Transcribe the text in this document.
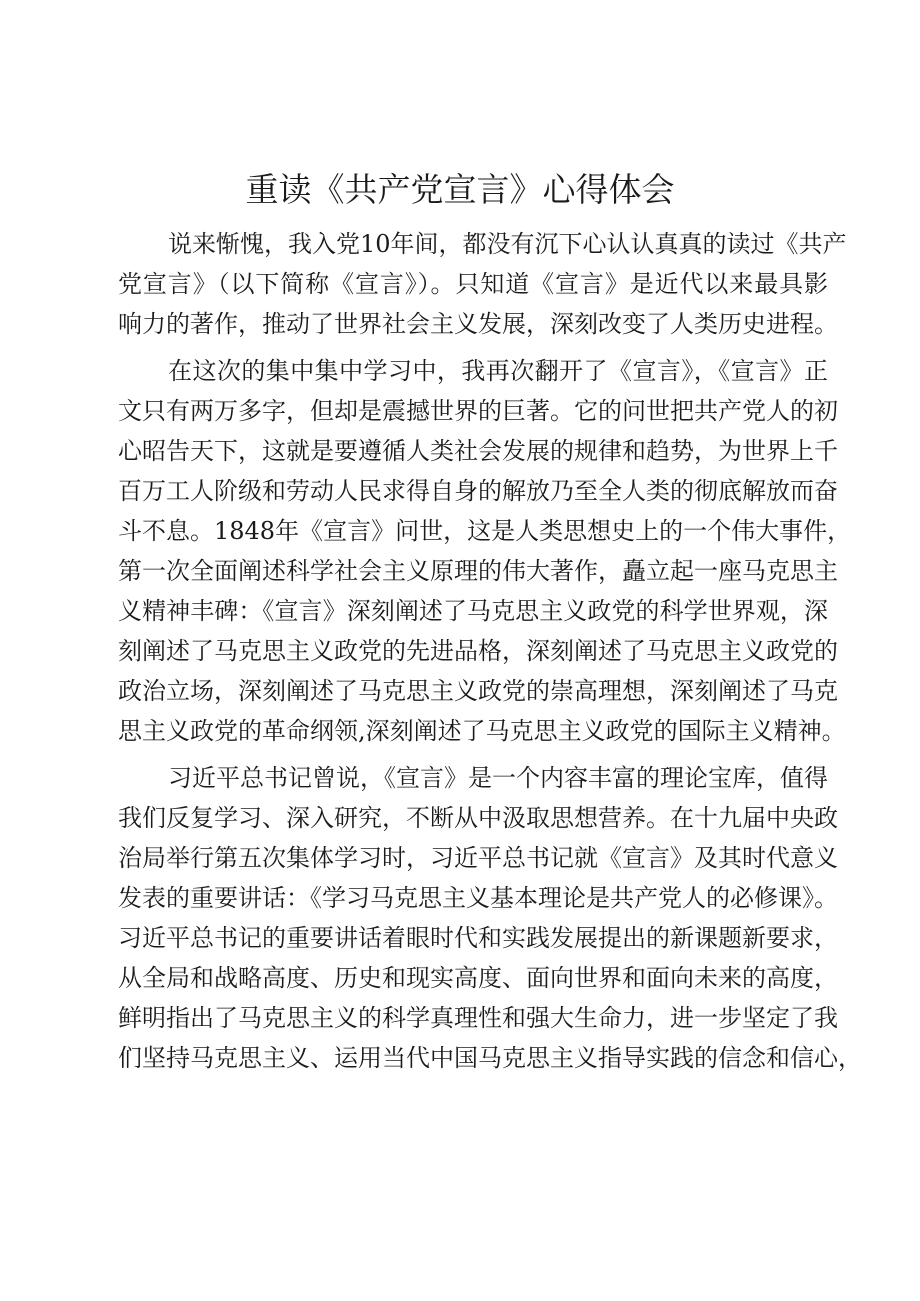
重读《共产党宣言》心得体会
说来惭愧，我入党10年间，都没有沉下心认认真真的读过《共产
党宣言》（以下简称《宣言》）。只知道《宣言》是近代以来最具影
响力的著作，推动了世界社会主义发展，深刻改变了人类历史进程。
在这次的集中集中学习中，我再次翻开了《宣言》，《宣言》正
文只有两万多字，但却是震撼世界的巨著。它的问世把共产党人的初
心昭告天下，这就是要遵循人类社会发展的规律和趋势，为世界上千
百万工人阶级和劳动人民求得自身的解放乃至全人类的彻底解放而奋
斗不息。1848年《宣言》问世，这是人类思想史上的一个伟大事件，
第一次全面阐述科学社会主义原理的伟大著作，矗立起一座马克思主
义精神丰碑：《宣言》深刻阐述了马克思主义政党的科学世界观，深
刻阐述了马克思主义政党的先进品格，深刻阐述了马克思主义政党的
政治立场，深刻阐述了马克思主义政党的崇高理想，深刻阐述了马克
思主义政党的革命纲领,深刻阐述了马克思主义政党的国际主义精神。
习近平总书记曾说，《宣言》是一个内容丰富的理论宝库，值得
我们反复学习、深入研究，不断从中汲取思想营养。在十九届中央政
治局举行第五次集体学习时，习近平总书记就《宣言》及其时代意义
发表的重要讲话：《学习马克思主义基本理论是共产党人的必修课》。
习近平总书记的重要讲话着眼时代和实践发展提出的新课题新要求，
从全局和战略高度、历史和现实高度、面向世界和面向未来的高度，
鲜明指出了马克思主义的科学真理性和强大生命力，进一步坚定了我
们坚持马克思主义、运用当代中国马克思主义指导实践的信念和信心，
